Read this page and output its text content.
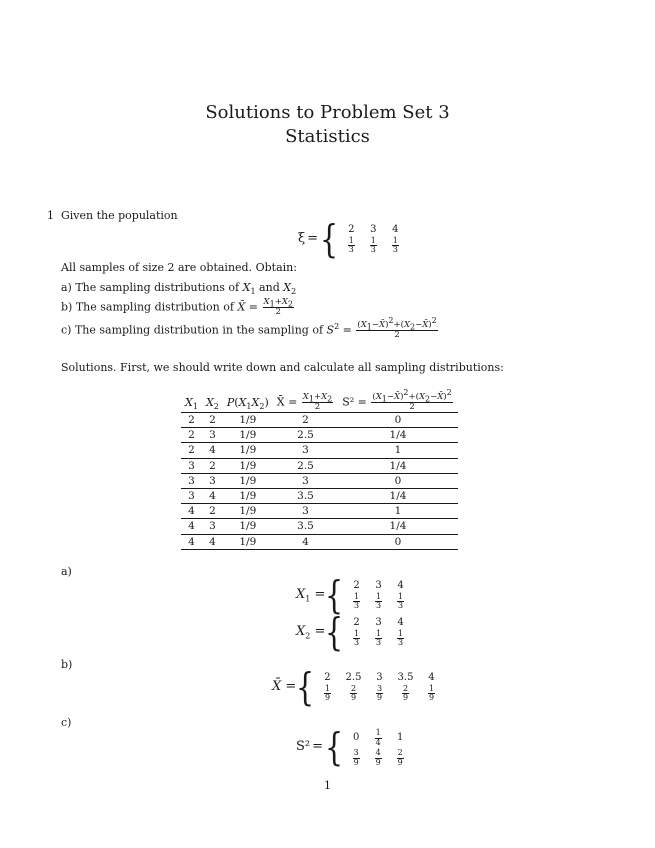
Solutions to Problem Set 3
Statistics
1 Given the population
ξ = { 2	3	4
$\frac{1}{3} \frac{1}{3} \frac{1}{3}$
All samples of size 2 are obtained. Obtain:
a) The sampling distributions of $X_1$ and $X_2$
b) The sampling distribution of X̄ = $\frac{X_1+X_2}{2}$
c) The sampling distribution in the sampling of $S^2 = \frac{(X_1-X̄)^2+(X_2-X̄)^2}{2}$
Solutions. First, we should write down and calculate all sampling distributions:
$X_1$	$X_2$	$P(X_1X_2)$	X̄ = $\frac{X_1+X_2}{2}$	$S^2 = \frac{(X_1-X̄)^2+(X_2-X̄)^2}{2}$

2	2	1/9	2	0
2	3	1/9	2.5	1/4
2	4	1/9	3	1
3	2	1/9	2.5	1/4
3	3	1/9	3	0
3	4	1/9	3.5	1/4
4	2	1/9	3	1
4	3	1/9	3.5	1/4
4	4	1/9	4	0
a)
$X_1$ = { 2	3	4
$\frac{1}{3} \frac{1}{3} \frac{1}{3}$
$X_2$ = { 2	3	4
$\frac{1}{3} \frac{1}{3} \frac{1}{3}$
b)
X̄ = { 2	2.5	3	3.5	4
$\frac{1}{9} \frac{2}{9} \frac{3}{9} \frac{2}{9} \frac{1}{9}$
c)
S² = { 0	$\frac{1}{4}$	1
$\frac{3}{9} \frac{4}{9} \frac{2}{9}$
1
